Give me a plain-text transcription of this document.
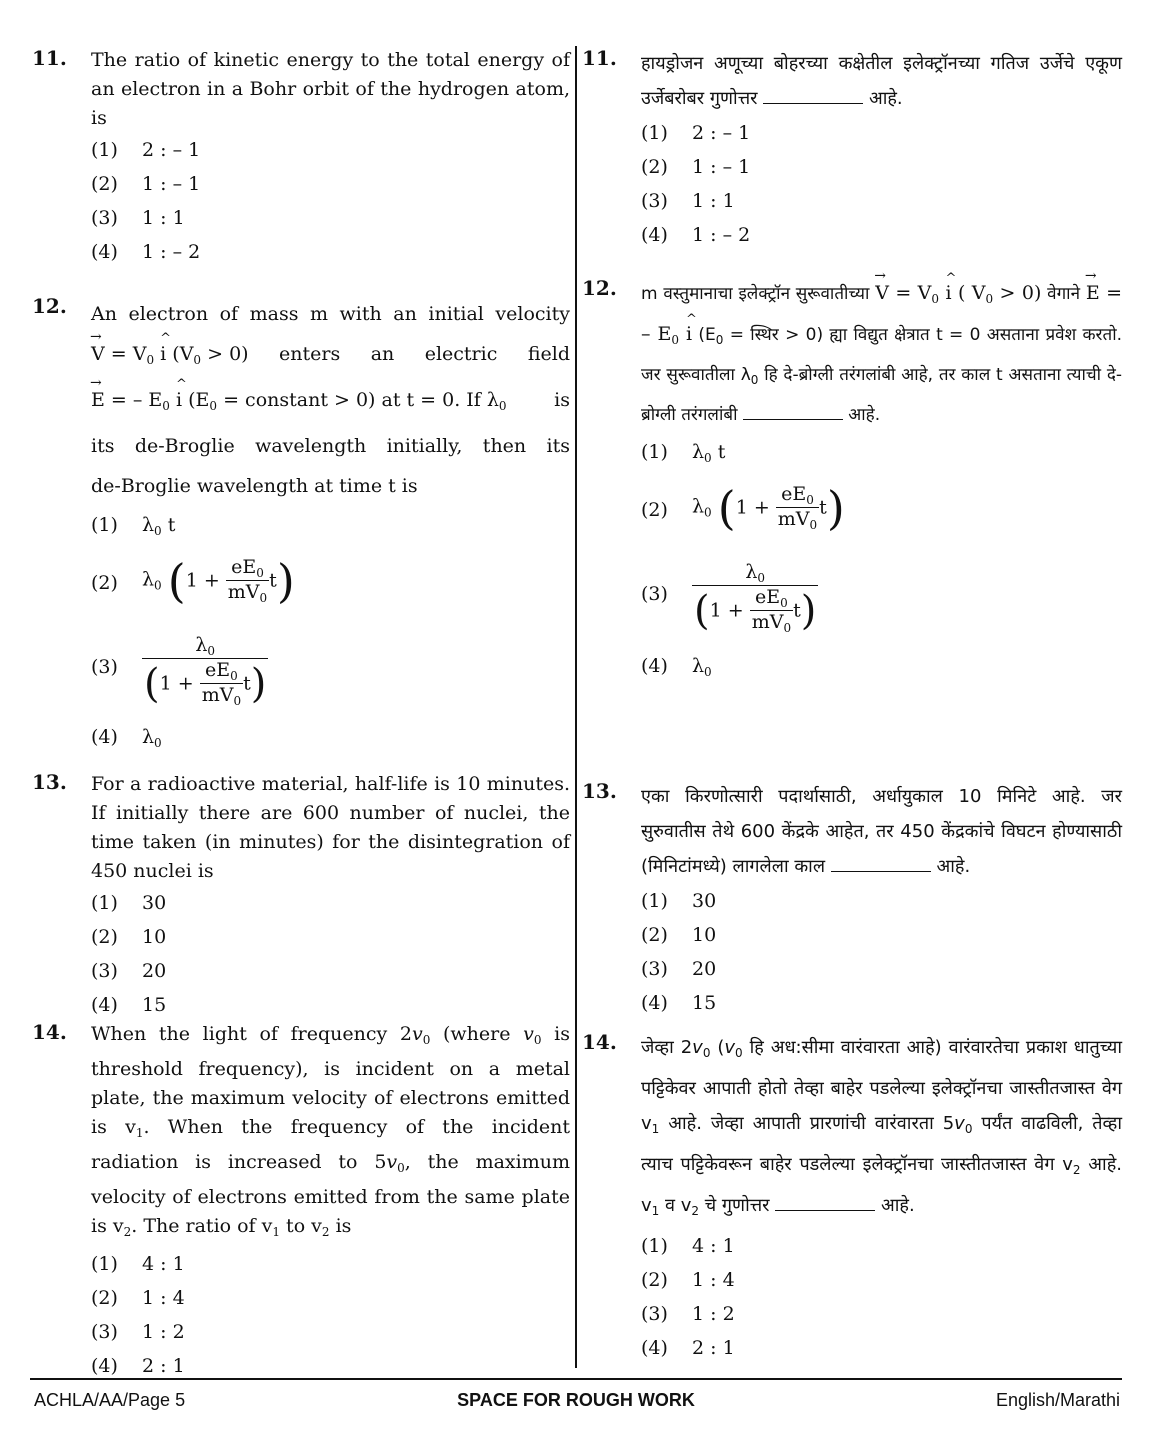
11. The ratio of kinetic energy to the total energy of an electron in a Bohr orbit of the hydrogen atom, is
(1) 2 : – 1
(2) 1 : – 1
(3) 1 : 1
(4) 1 : – 2
12. An electron of mass m with an initial velocity
→ $V = V_0$ ^ i $(V_0 > 0)$ enters an electric field
→ E = – $E_0$ ^ i ($E_0$ = constant > 0) at t = 0. If $\lambda_0$	is
its de-Broglie wavelength initially, then its
de-Broglie wavelength at time t is
(1) $\lambda_0$ t
(2) $\lambda_0$ $(1 + \frac{eE_0}{mV_0} t)$
$(3) \frac{\lambda_0}{(1 + \frac{eE_0}{mV_0} t)}$
(4) $\lambda_0$
13. For a radioactive material, half-life is 10 minutes. If initially there are 600 number of nuclei, the time taken (in minutes) for the disintegration of 450 nuclei is
(1) 30
(2) 10
(3) 20
(4) 15
14. When the light of frequency $2v_0$ (where $v_0$ is threshold frequency), is incident on a metal plate, the maximum velocity of electrons emitted is $v_1$. When the frequency of the incident radiation is increased to $5v_0$, the maximum velocity of electrons emitted from the same plate is $v_2$. The ratio of $v_1$ to $v_2$ is
(1) 4 : 1
(2) 1 : 4
(3) 1 : 2
(4) 2 : 1
11. हायड्रोजन अणूच्या बोहरच्या कक्षेतील इलेक्ट्रॉनच्या गतिज उर्जेचे एकूण उर्जेबरोबर गुणोत्तर	आहे.
(1) 2 : – 1
(2) 1 : – 1
(3) 1 : 1
(4) 1 : – 2
12. m वस्तुमानाचा इलेक्ट्रॉन सुरूवातीच्या → $V = V_0$ ^ i ( $V_0 > 0$) वेगाने → E = – $E_0$ ^ i ($E_0$ = स्थिर > 0) ह्या विद्युत क्षेत्रात t = 0 असताना प्रवेश करतो. जर सुरूवातीला $\lambda_0$ हि दे-ब्रोग्ली तरंगलांबी आहे, तर काल t असताना त्याची दे-ब्रोग्ली तरंगलांबी	आहे.
(1) $\lambda_0$ t
(2) $\lambda_0$ $(1 + \frac{eE_0}{mV_0} t)$
$(3) \frac{\lambda_0}{(1 + \frac{eE_0}{mV_0} t)}$
(4) $\lambda_0$
13. एका किरणोत्सारी पदार्थासाठी, अर्धायुकाल 10 मिनिटे आहे. जर सुरुवातीस तेथे 600 केंद्रके आहेत, तर 450 केंद्रकांचे विघटन होण्यासाठी (मिनिटांमध्ये) लागलेला काल	आहे.
(1) 30
(2) 10
(3) 20
(4) 15
14. जेव्हा $2v_0$ ($v_0$ हि अध:सीमा वारंवारता आहे) वारंवारतेचा प्रकाश धातुच्या पट्टिकेवर आपाती होतो तेव्हा बाहेर पडलेल्या इलेक्ट्रॉनचा जास्तीतजास्त वेग $v_1$ आहे. जेव्हा आपाती प्रारणांची वारंवारता $5v_0$ पर्यंत वाढविली, तेव्हा त्याच पट्टिकेवरून बाहेर पडलेल्या इलेक्ट्रॉनचा जास्तीतजास्त वेग $v_2$ आहे. $v_1$ व $v_2$ चे गुणोत्तर	आहे.
(1) 4 : 1
(2) 1 : 4
(3) 1 : 2
(4) 2 : 1
ACHLA/AA/Page 5	SPACE FOR ROUGH WORK	English/Marathi
